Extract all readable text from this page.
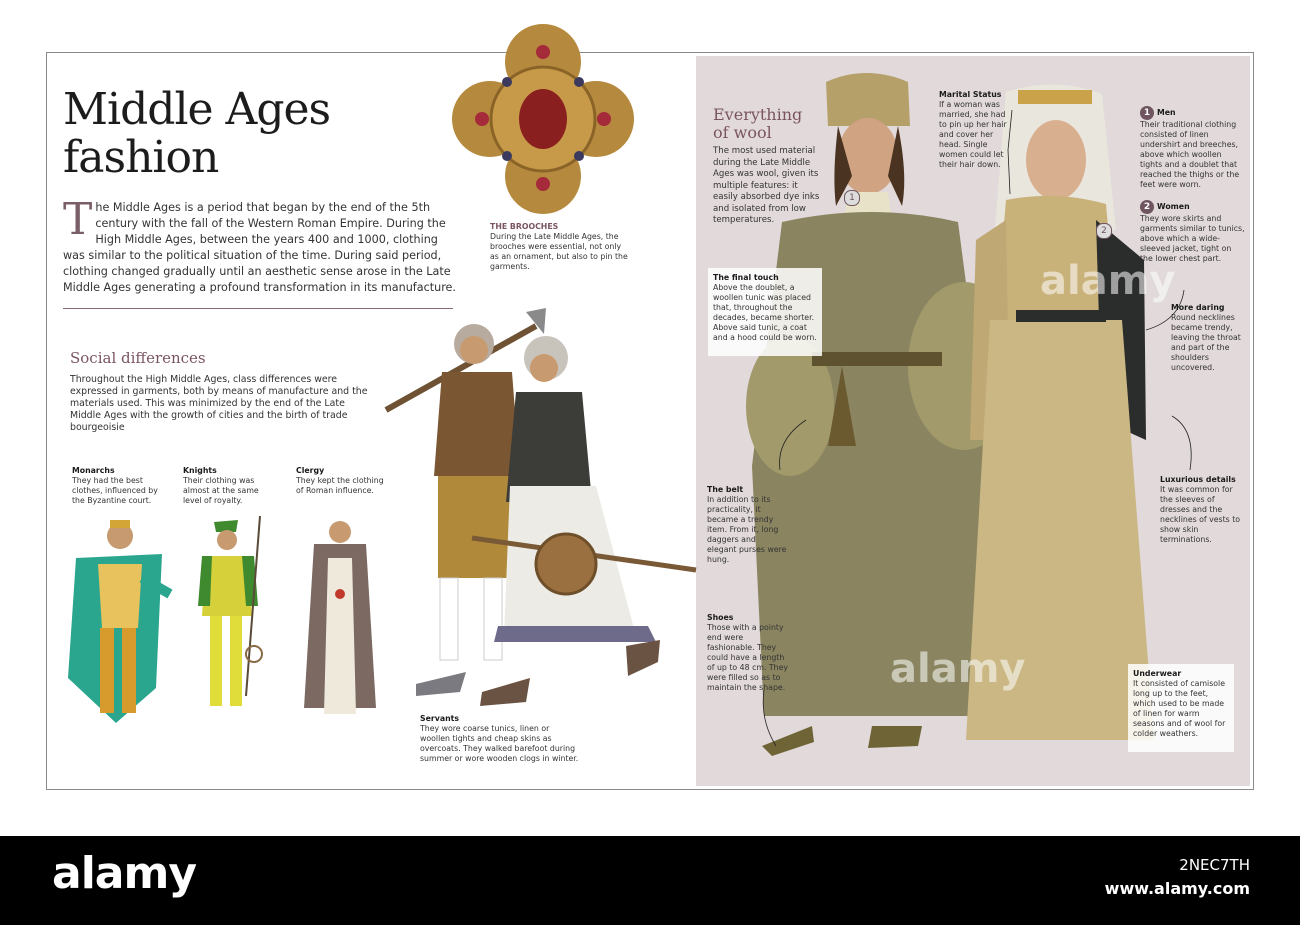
Middle Ages
fashion
T he Middle Ages is a period that began by the end of the 5th century with the fall of the Western Roman Empire. During the High Middle Ages, between the years 400 and 1000, clothing was similar to the political situation of the time. During said period, clothing changed gradually until an aesthetic sense arose in the Late Middle Ages generating a profound transformation in its manufacture.
THE BROOCHES
During the Late Middle Ages, the brooches were essential, not only as an ornament, but also to pin the garments.
Social differences
Throughout the High Middle Ages, class differences were expressed in garments, both by means of manufacture and the materials used. This was minimized by the end of the Late Middle Ages with the growth of cities and the birth of trade bourgeoisie
Monarchs
They had the best clothes, influenced by the Byzantine court.
Knights
Their clothing was almost at the same level of royalty.
Clergy
They kept the clothing of Roman influence.
Servants
They wore coarse tunics, linen or woollen tights and cheap skins as overcoats. They walked barefoot during summer or wore wooden clogs in winter.
Everything
of wool
The most used material during the Late Middle Ages was wool, given its multiple features: it easily absorbed dye inks and isolated from low temperatures.
1
2
The final touch
Above the doublet, a woollen tunic was placed that, throughout the decades, became shorter. Above said tunic, a coat and a hood could be worn.
The belt
In addition to its practicality, it became a trendy item. From it, long daggers and elegant purses were hung.
Shoes
Those with a pointy end were fashionable. They could have a length of up to 48 cm. They were filled so as to maintain the shape.
Marital Status
If a woman was married, she had to pin up her hair and cover her head. Single women could let their hair down.
1 Men
Their traditional clothing consisted of linen undershirt and breeches, above which woollen tights and a doublet that reached the thighs or the feet were worn.
2 Women
They wore skirts and garments similar to tunics, above which a wide-sleeved jacket, tight on the lower chest part.
More daring
Round necklines became trendy, leaving the throat and part of the shoulders uncovered.
Luxurious details
It was common for the sleeves of dresses and the necklines of vests to show skin terminations.
Underwear
It consisted of camisole long up to the feet, which used to be made of linen for warm seasons and of wool for colder weathers.
alamy
alamy
alamy	2NEC7TH
www.alamy.com
